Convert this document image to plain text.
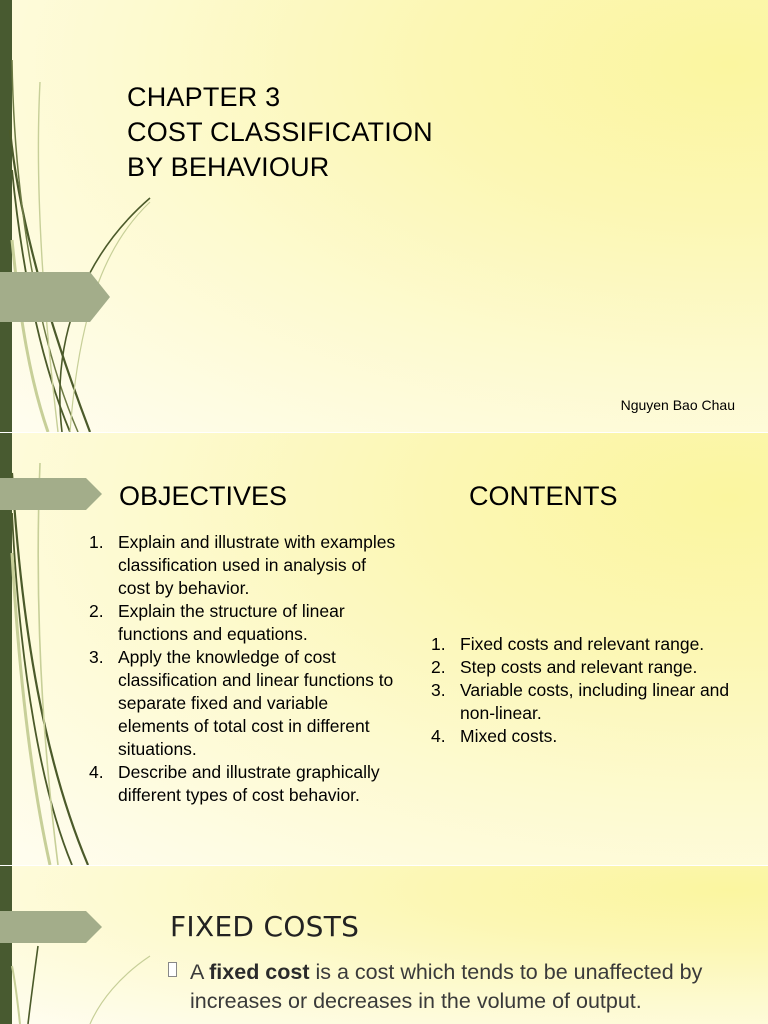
CHAPTER 3
COST CLASSIFICATION
BY BEHAVIOUR
Nguyen Bao Chau
OBJECTIVES
1. Explain and illustrate with examples classification used in analysis of cost by behavior.
2. Explain the structure of linear functions and equations.
3. Apply the knowledge of cost classification and linear functions to separate fixed and variable elements of total cost in different situations.
4. Describe and illustrate graphically different types of cost behavior.
CONTENTS
1. Fixed costs and relevant range.
2. Step costs and relevant range.
3. Variable costs, including linear and non-linear.
4. Mixed costs.
FIXED COSTS
A fixed cost is a cost which tends to be unaffected by increases or decreases in the volume of output.
